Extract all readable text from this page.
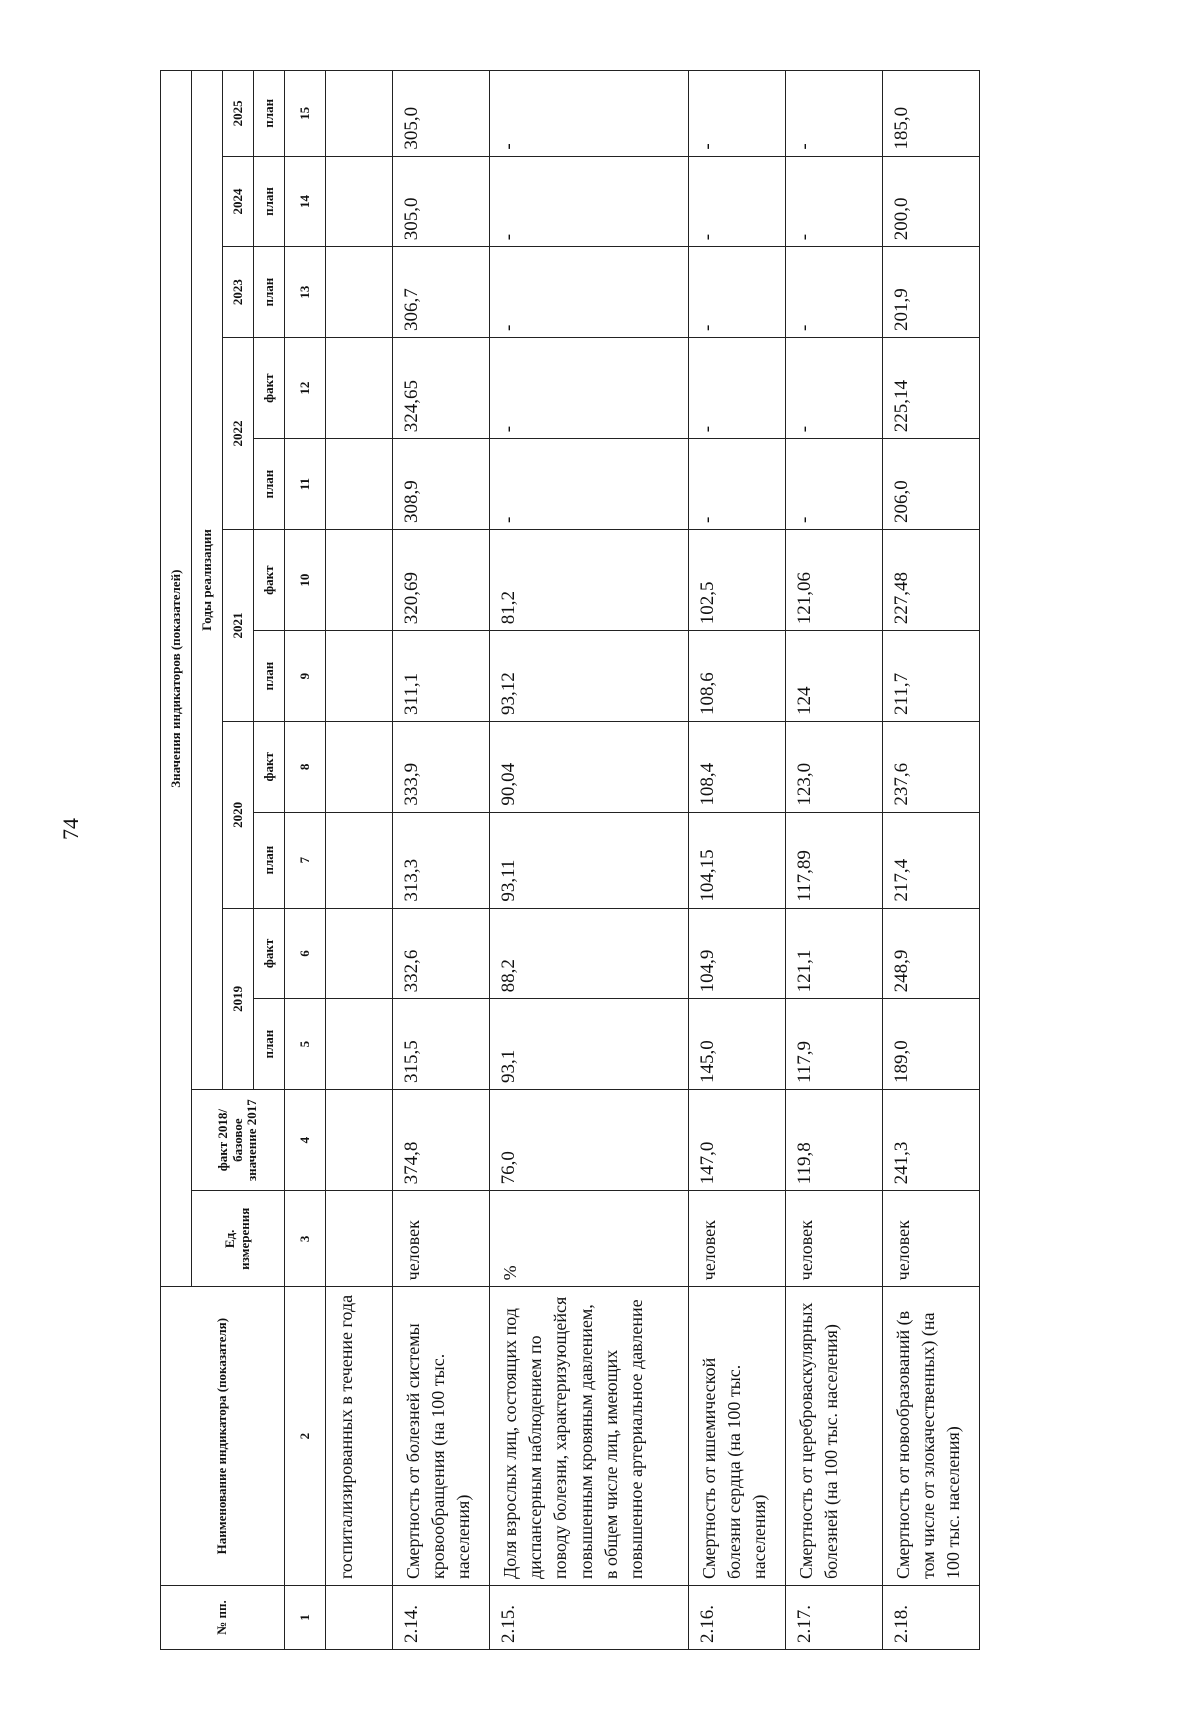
74
№ пп.	Наименование индикатора (показателя)	Значения индикаторов (показателей)												
		Ед. измерения	факт 2018/базовое значение 2017	Годы реализации										
				2019		2020		2021		2022		2023	2024	2025
				план	факт	план	факт	план	факт	план	факт	план	план	план
1	2	3	4	5	6	7	8	9	10	11	12	13	14	15
	госпитализированных в течение года													
2.14.	Смертность от болезней системы кровообращения (на 100 тыс. населения)	человек	374,8	315,5	332,6	313,3	333,9	311,1	320,69	308,9	324,65	306,7	305,0	305,0
2.15.	Доля взрослых лиц, состоящих под диспансерным наблюдением по поводу болезни, характеризующейся повышенным кровяным давлением, в общем числе лиц, имеющих повышенное артериальное давление	%	76,0	93,1	88,2	93,11	90,04	93,12	81,2	-	-	-	-	-
2.16.	Смертность от ишемической болезни сердца (на 100 тыс. населения)	человек	147,0	145,0	104,9	104,15	108,4	108,6	102,5	-	-	-	-	-
2.17.	Смертность от цереброваскулярных болезней (на 100 тыс. населения)	человек	119,8	117,9	121,1	117,89	123,0	124	121,06	-	-	-	-	-
2.18.	Смертность от новообразований (в том числе от злокачественных) (на 100 тыс. населения)	человек	241,3	189,0	248,9	217,4	237,6	211,7	227,48	206,0	225,14	201,9	200,0	185,0
